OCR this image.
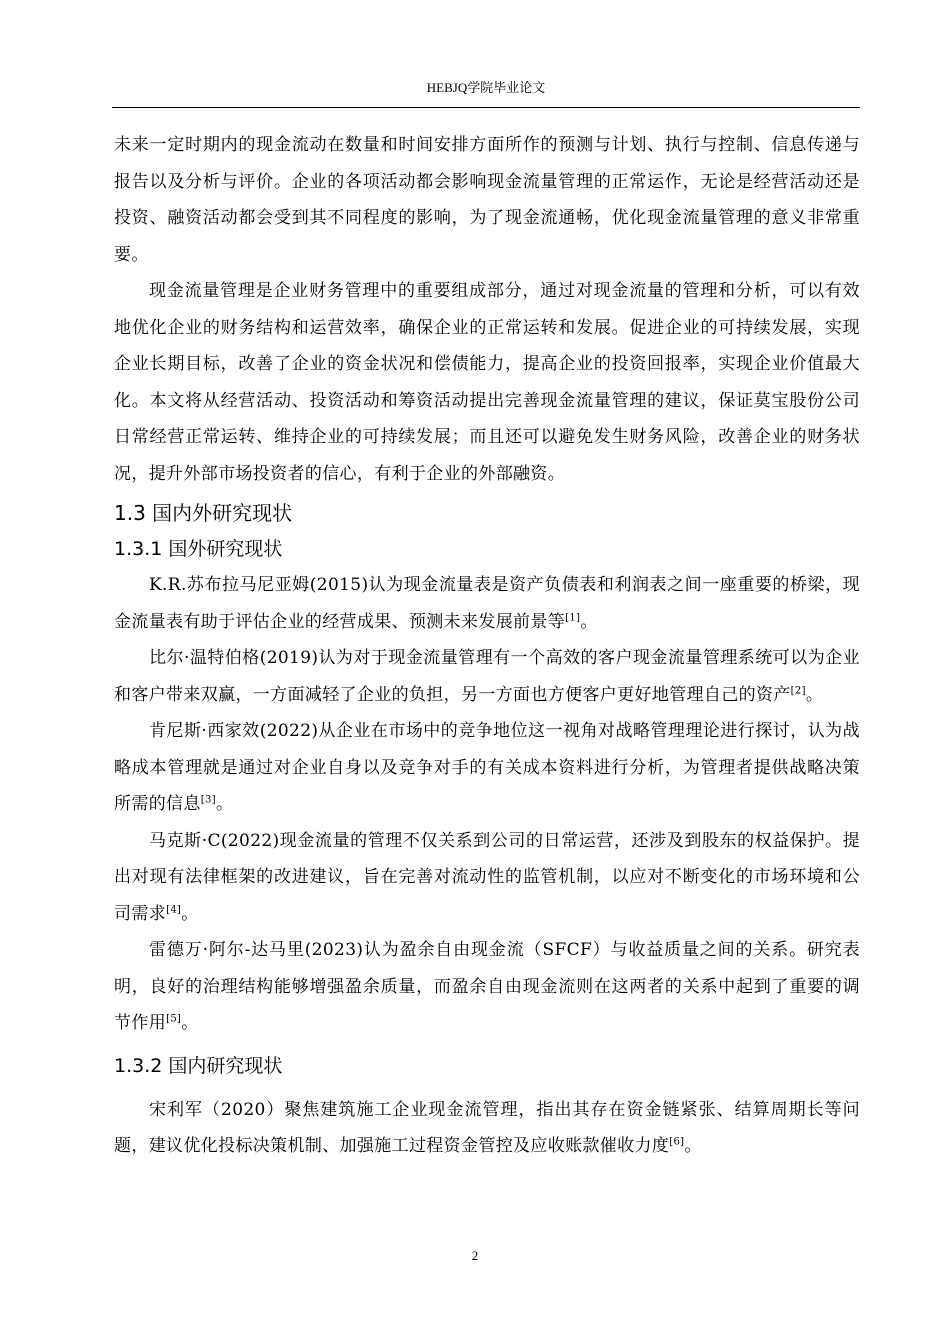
HEBJQ学院毕业论文

未来一定时期内的现金流动在数量和时间安排方面所作的预测与计划、执行与控制、信息传递与报告以及分析与评价。企业的各项活动都会影响现金流量管理的正常运作，无论是经营活动还是投资、融资活动都会受到其不同程度的影响，为了现金流通畅，优化现金流量管理的意义非常重要。

现金流量管理是企业财务管理中的重要组成部分，通过对现金流量的管理和分析，可以有效地优化企业的财务结构和运营效率，确保企业的正常运转和发展。促进企业的可持续发展，实现企业长期目标，改善了企业的资金状况和偿债能力，提高企业的投资回报率，实现企业价值最大化。本文将从经营活动、投资活动和筹资活动提出完善现金流量管理的建议，保证莫宝股份公司日常经营正常运转、维持企业的可持续发展；而且还可以避免发生财务风险，改善企业的财务状况，提升外部市场投资者的信心，有利于企业的外部融资。

1.3 国内外研究现状
1.3.1 国外研究现状

K.R.苏布拉马尼亚姆(2015)认为现金流量表是资产负债表和利润表之间一座重要的桥梁，现金流量表有助于评估企业的经营成果、预测未来发展前景等[1]。

比尔·温特伯格(2019)认为对于现金流量管理有一个高效的客户现金流量管理系统可以为企业和客户带来双赢，一方面减轻了企业的负担，另一方面也方便客户更好地管理自己的资产[2]。

肯尼斯·西家效(2022)从企业在市场中的竞争地位这一视角对战略管理理论进行探讨，认为战略成本管理就是通过对企业自身以及竞争对手的有关成本资料进行分析，为管理者提供战略决策所需的信息[3]。

马克斯·C(2022)现金流量的管理不仅关系到公司的日常运营，还涉及到股东的权益保护。提出对现有法律框架的改进建议，旨在完善对流动性的监管机制，以应对不断变化的市场环境和公司需求[4]。

雷德万·阿尔-达马里(2023)认为盈余自由现金流（SFCF）与收益质量之间的关系。研究表明，良好的治理结构能够增强盈余质量，而盈余自由现金流则在这两者的关系中起到了重要的调节作用[5]。

1.3.2 国内研究现状

宋利军（2020）聚焦建筑施工企业现金流管理，指出其存在资金链紧张、结算周期长等问题，建议优化投标决策机制、加强施工过程资金管控及应收账款催收力度[6]。

2
